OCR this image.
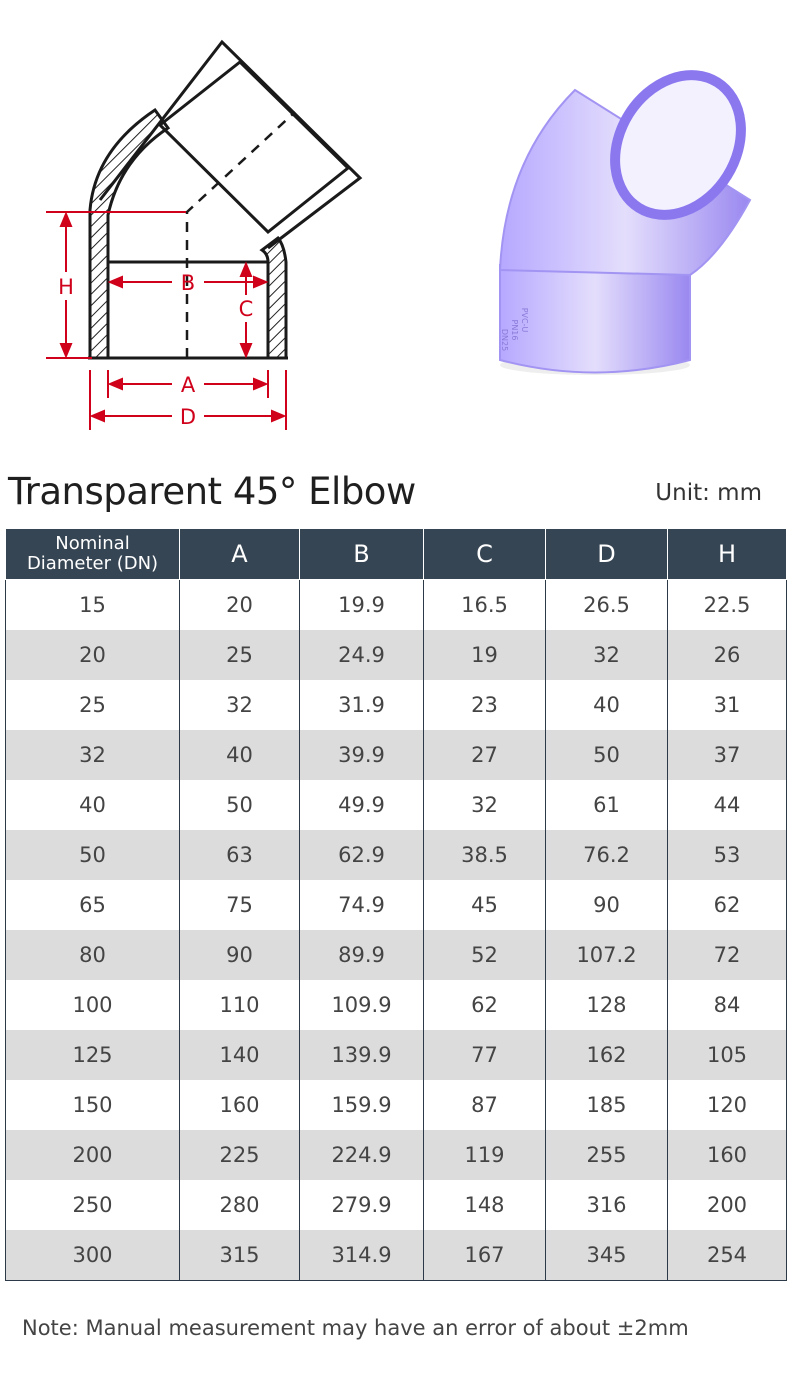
H	B
C
A
D
PVC-U
PN16
DN25
Transparent 45° Elbow	Unit: mm
Nominal
Diameter (DN)	A	B	C	D	H
15	20	19.9	16.5	26.5	22.5
20	25	24.9	19	32	26
25	32	31.9	23	40	31
32	40	39.9	27	50	37
40	50	49.9	32	61	44
50	63	62.9	38.5	76.2	53
65	75	74.9	45	90	62
80	90	89.9	52	107.2	72
100	110	109.9	62	128	84
125	140	139.9	77	162	105
150	160	159.9	87	185	120
200	225	224.9	119	255	160
250	280	279.9	148	316	200
300	315	314.9	167	345	254
Note: Manual measurement may have an error of about ±2mm
